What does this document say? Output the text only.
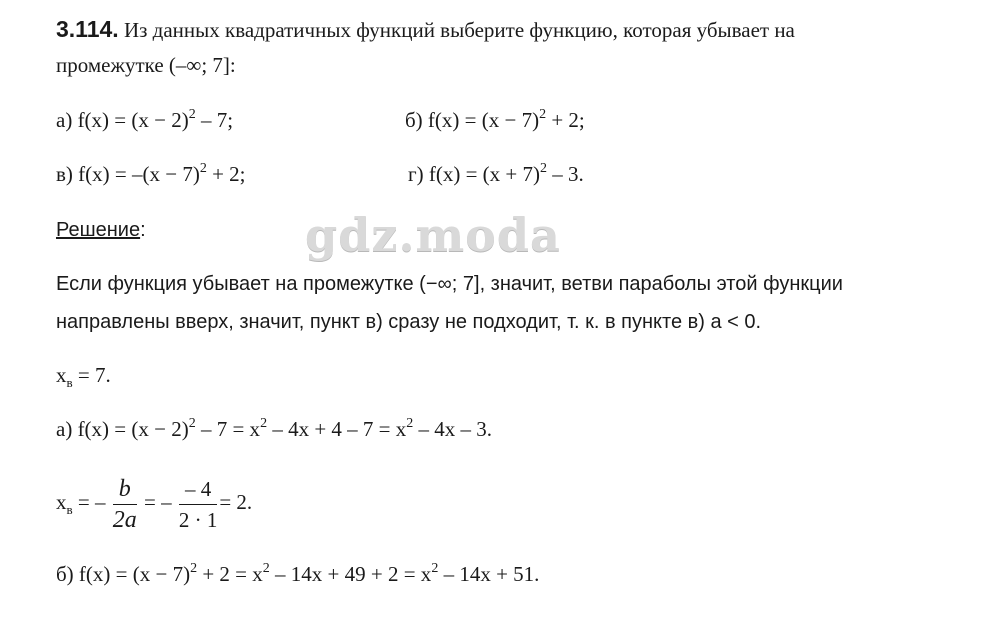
3.114. Из данных квадратичных функций выберите функцию, которая убывает на
промежутке (–∞; 7]:
а) $f(x) = (x - 2)^2 - 7$;	б) $f(x) = (x - 7)^2 + 2$;
в) $f(x) = -(x - 7)^2 + 2$;	г) $f(x) = (x + 7)^2 - 3$.
Решение:	gdz.moda
Если функция убывает на промежутке (−∞; 7], значит, ветви параболы этой функции
направлены вверх, значит, пункт в) сразу не подходит, т. к. в пункте в) a < 0.
$x_в = 7$.
а) $f(x) = (x - 2)^2 - 7 = x^2 - 4x + 4 - 7 = x^2 - 4x - 3$.
$x_в$ = – $\frac{b}{2a}$ = – $\frac{- 4}{2 \cdot 1} = 2$.
б) $f(x) = (x - 7)^2 + 2 = x^2 - 14x + 49 + 2 = x^2 - 14x + 51$.
